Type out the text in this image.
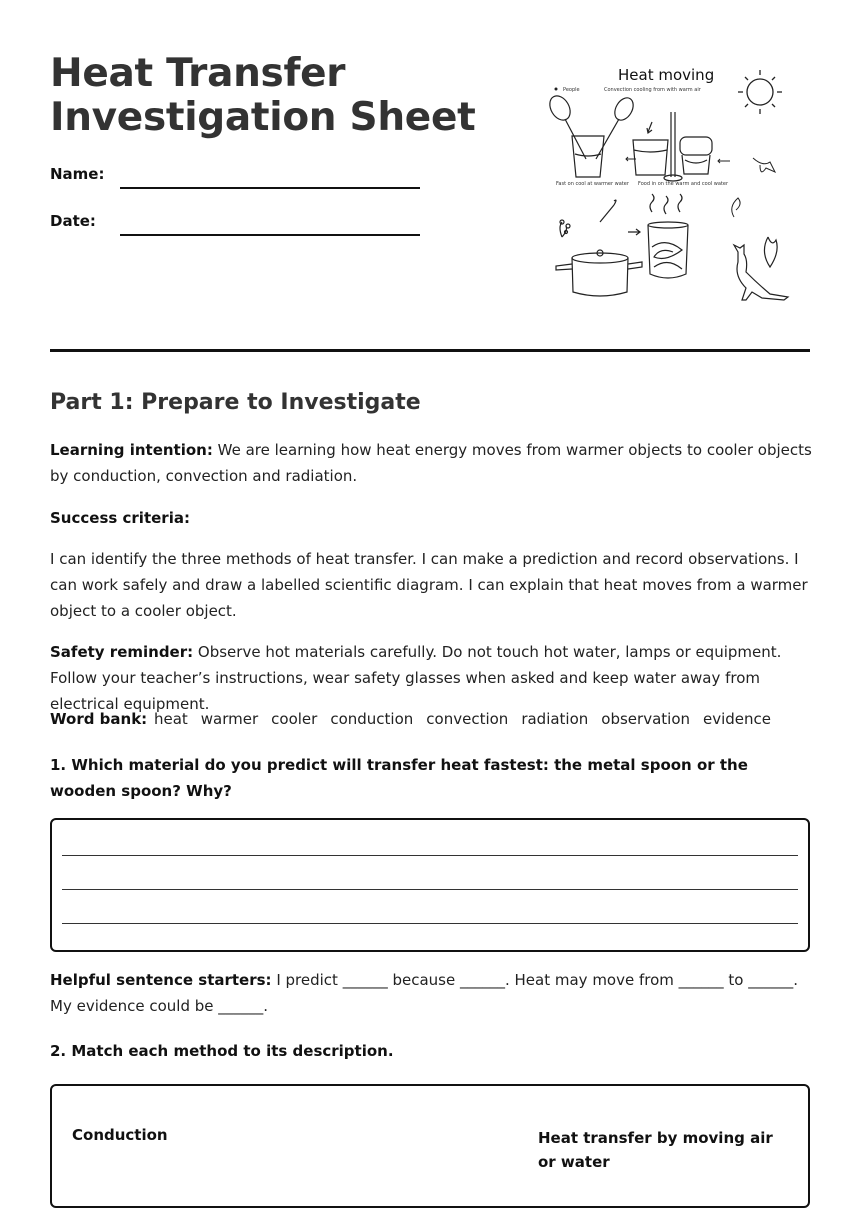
Heat Transfer
Investigation Sheet
Name:
Date:
Heat moving
People	Convection cooling from with warm air
Fast on cool at warmer water Food in on the warm and cool water
Part 1: Prepare to Investigate
Learning intention: We are learning how heat energy moves from warmer objects to cooler objects by conduction, convection and radiation.
Success criteria:
I can identify the three methods of heat transfer. I can make a prediction and record observations. I can work safely and draw a labelled scientific diagram. I can explain that heat moves from a warmer object to a cooler object.
Safety reminder: Observe hot materials carefully. Do not touch hot water, lamps or equipment. Follow your teacher’s instructions, wear safety glasses when asked and keep water away from electrical equipment.
Word bank: heat warmer cooler conduction convection radiation observation evidence
1. Which material do you predict will transfer heat fastest: the metal spoon or the wooden spoon? Why?
Helpful sentence starters: I predict ______ because ______. Heat may move from ______ to ______. My evidence could be ______.
2. Match each method to its description.
Conduction	Heat transfer by moving air or water
